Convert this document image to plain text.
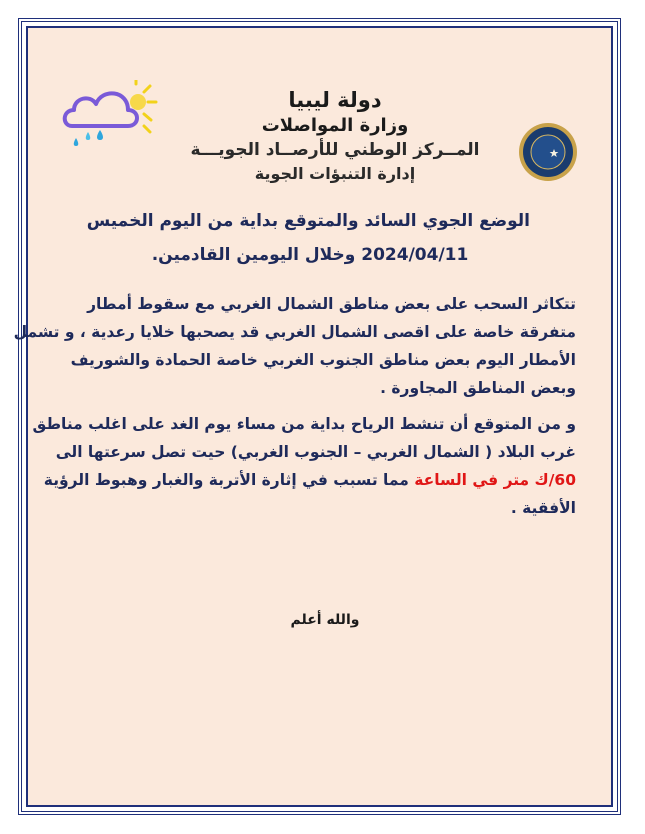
دولة ليبيا
وزارة المواصلات
المــركز الوطني للأرصــاد الجويـــة
إدارة التنبؤات الجوية
الوضع الجوي السائد والمتوقع بداية من اليوم الخميس
2024/04/11 وخلال اليومين القادمين.
تتكاثر السحب على بعض مناطق الشمال الغربي مع سقوط أمطار
متفرقة خاصة على اقصى الشمال الغربي قد يصحبها خلايا رعدية ، و تشمل
الأمطار اليوم بعض مناطق الجنوب الغربي خاصة الحمادة والشوريف
وبعض المناطق المجاورة .
و من المتوقع أن تنشط الرياح بداية من مساء يوم الغد على اغلب مناطق
غرب البلاد ( الشمال الغربي – الجنوب الغربي) حيت تصل سرعتها الى
60/ك متر في الساعة مما تسبب في إثارة الأتربة والغبار وهبوط الرؤية
الأفقية .
والله أعلم
